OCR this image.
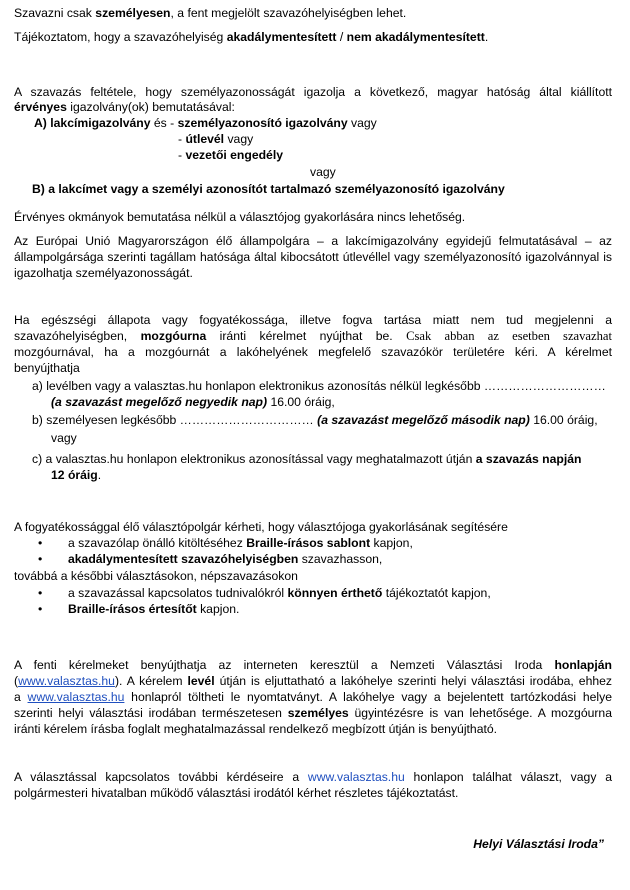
Szavazni csak személyesen, a fent megjelölt szavazóhelyiségben lehet.
Tájékoztatom, hogy a szavazóhelyiség akadálymentesített / nem akadálymentesített.
A szavazás feltétele, hogy személyazonosságát igazolja a következő, magyar hatóság által kiállított
érvényes igazolvány(ok) bemutatásával:
A) lakcímigazolvány és - személyazonosító igazolvány vagy
- útlevél vagy
- vezetői engedély
vagy
B) a lakcímet vagy a személyi azonosítót tartalmazó személyazonosító igazolvány
Érvényes okmányok bemutatása nélkül a választójog gyakorlására nincs lehetőség.
Az Európai Unió Magyarországon élő állampolgára – a lakcímigazolvány egyidejű felmutatásával – az
állampolgársága szerinti tagállam hatósága által kibocsátott útlevéllel vagy személyazonosító igazolvánnyal is
igazolhatja személyazonosságát.
Ha egészségi állapota vagy fogyatékossága, illetve fogva tartása miatt nem tud megjelenni a
szavazóhelyiségben, mozgóurna iránti kérelmet nyújthat be. Csak abban az esetben szavazhat
mozgóurnával, ha a mozgóurnát a lakóhelyének megfelelő szavazókör területére kéri. A kérelmet
benyújthatja
a) levélben vagy a valasztas.hu honlapon elektronikus azonosítás nélkül legkésőbb …………………………
(a szavazást megelőző negyedik nap) 16.00 óráig,
b) személyesen legkésőbb …………………………… (a szavazást megelőző második nap) 16.00 óráig,
vagy
c) a valasztas.hu honlapon elektronikus azonosítással vagy meghatalmazott útján a szavazás napján
12 óráig.
A fogyatékossággal élő választópolgár kérheti, hogy választójoga gyakorlásának segítésére
• a szavazólap önálló kitöltéséhez Braille-írásos sablont kapjon,
• akadálymentesített szavazóhelyiségben szavazhasson,
továbbá a későbbi választásokon, népszavazásokon
• a szavazással kapcsolatos tudnivalókról könnyen érthető tájékoztatót kapjon,
• Braille-írásos értesítőt kapjon.
A fenti kérelmeket benyújthatja az interneten keresztül a Nemzeti Választási Iroda honlapján
(www.valasztas.hu). A kérelem levél útján is eljuttatható a lakóhelye szerinti helyi választási irodába, ehhez
a www.valasztas.hu honlapról töltheti le nyomtatványt. A lakóhelye vagy a bejelentett tartózkodási helye
szerinti helyi választási irodában természetesen személyes ügyintézésre is van lehetősége. A mozgóurna
iránti kérelem írásba foglalt meghatalmazással rendelkező megbízott útján is benyújtható.
A választással kapcsolatos további kérdéseire a www.valasztas.hu honlapon találhat választ, vagy a
polgármesteri hivatalban működő választási irodától kérhet részletes tájékoztatást.
Helyi Választási Iroda”
